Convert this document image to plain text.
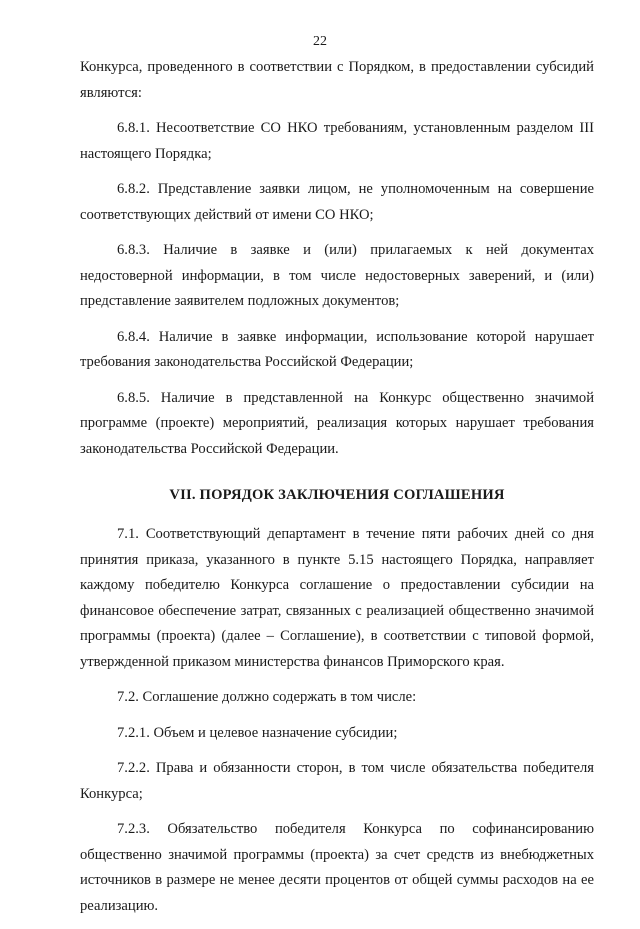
22

Конкурса, проведенного в соответствии с Порядком, в предоставлении субсидий являются:

6.8.1. Несоответствие СО НКО требованиям, установленным разделом III настоящего Порядка;

6.8.2. Представление заявки лицом, не уполномоченным на совершение соответствующих действий от имени СО НКО;

6.8.3. Наличие в заявке и (или) прилагаемых к ней документах недостоверной информации, в том числе недостоверных заверений, и (или) представление заявителем подложных документов;

6.8.4. Наличие в заявке информации, использование которой нарушает требования законодательства Российской Федерации;

6.8.5. Наличие в представленной на Конкурс общественно значимой программе (проекте) мероприятий, реализация которых нарушает требования законодательства Российской Федерации.

VII. ПОРЯДОК ЗАКЛЮЧЕНИЯ СОГЛАШЕНИЯ

7.1. Соответствующий департамент в течение пяти рабочих дней со дня принятия приказа, указанного в пункте 5.15 настоящего Порядка, направляет каждому победителю Конкурса соглашение о предоставлении субсидии на финансовое обеспечение затрат, связанных с реализацией общественно значимой программы (проекта) (далее – Соглашение), в соответствии с типовой формой, утвержденной приказом министерства финансов Приморского края.

7.2. Соглашение должно содержать в том числе:

7.2.1. Объем и целевое назначение субсидии;

7.2.2. Права и обязанности сторон, в том числе обязательства победителя Конкурса;

7.2.3. Обязательство победителя Конкурса по софинансированию общественно значимой программы (проекта) за счет средств из внебюджетных источников в размере не менее десяти процентов от общей суммы расходов на ее реализацию.
